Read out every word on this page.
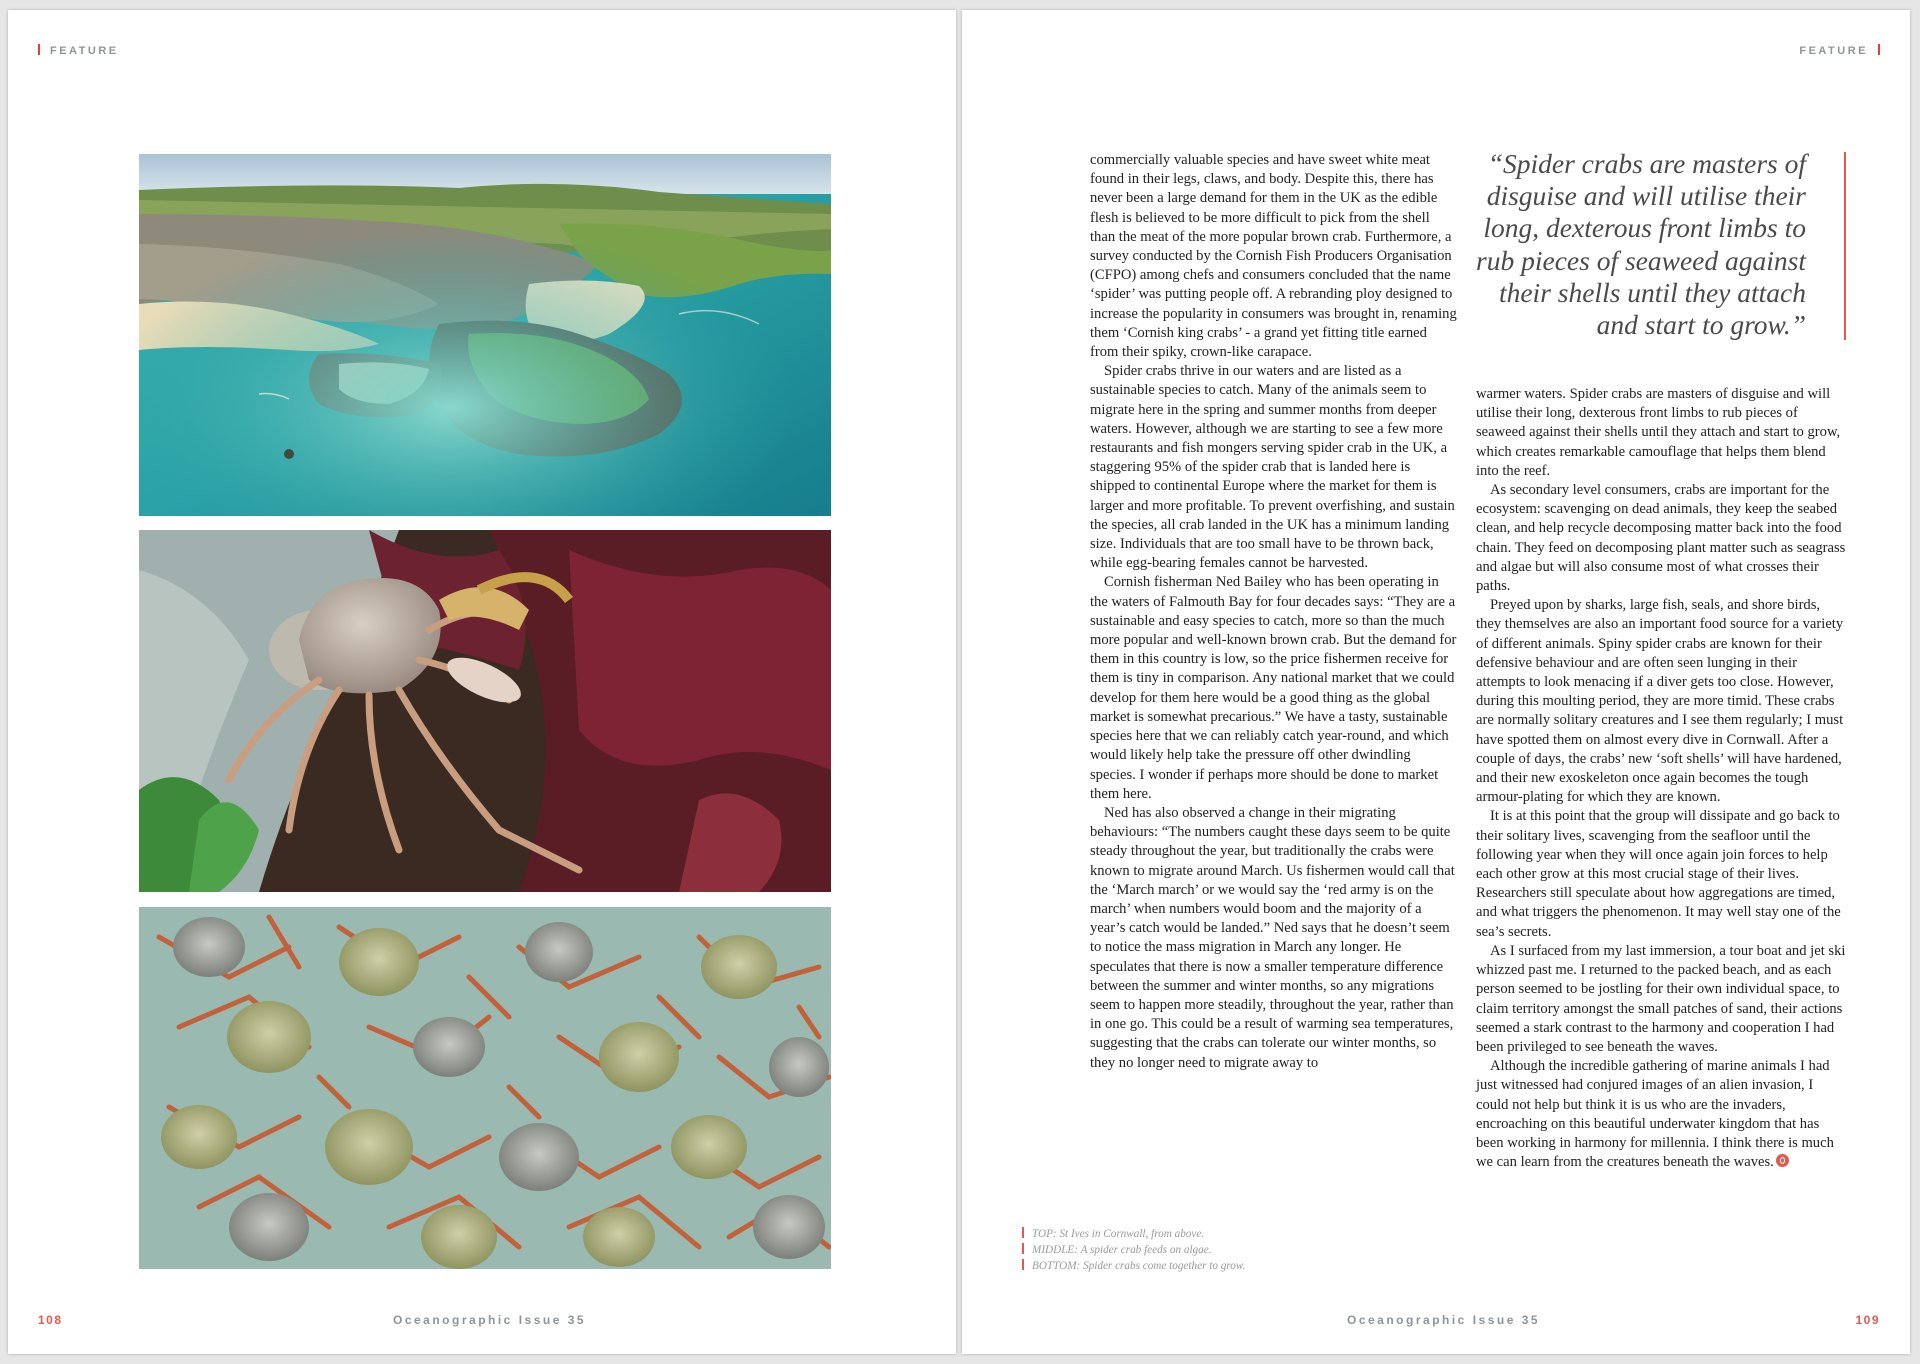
FEATURE
108	Oceanographic Issue 35
FEATURE

commercially valuable species and have sweet white meat found in their legs, claws, and body. Despite this, there has never been a large demand for them in the UK as the edible flesh is believed to be more difficult to pick from the shell than the meat of the more popular brown crab. Furthermore, a survey conducted by the Cornish Fish Producers Organisation (CFPO) among chefs and consumers concluded that the name ‘spider’ was putting people off. A rebranding ploy designed to increase the popularity in consumers was brought in, renaming them ‘Cornish king crabs’ - a grand yet fitting title earned from their spiky, crown-like carapace.

Spider crabs thrive in our waters and are listed as a sustainable species to catch. Many of the animals seem to migrate here in the spring and summer months from deeper waters. However, although we are starting to see a few more restaurants and fish mongers serving spider crab in the UK, a staggering 95% of the spider crab that is landed here is shipped to continental Europe where the market for them is larger and more profitable. To prevent overfishing, and sustain the species, all crab landed in the UK has a minimum landing size. Individuals that are too small have to be thrown back, while egg-bearing females cannot be harvested.

Cornish fisherman Ned Bailey who has been operating in the waters of Falmouth Bay for four decades says: “They are a sustainable and easy species to catch, more so than the much more popular and well-known brown crab. But the demand for them in this country is low, so the price fishermen receive for them is tiny in comparison. Any national market that we could develop for them here would be a good thing as the global market is somewhat precarious.” We have a tasty, sustainable species here that we can reliably catch year-round, and which would likely help take the pressure off other dwindling species. I wonder if perhaps more should be done to market them here.

Ned has also observed a change in their migrating behaviours: “The numbers caught these days seem to be quite steady throughout the year, but traditionally the crabs were known to migrate around March. Us fishermen would call that the ‘March march’ or we would say the ‘red army is on the march’ when numbers would boom and the majority of a year’s catch would be landed.” Ned says that he doesn’t seem to notice the mass migration in March any longer. He speculates that there is now a smaller temperature difference between the summer and winter months, so any migrations seem to happen more steadily, throughout the year, rather than in one go. This could be a result of warming sea temperatures, suggesting that the crabs can tolerate our winter months, so they no longer need to migrate away to

“Spider crabs are masters of disguise and will utilise their long, dexterous front limbs to rub pieces of seaweed against their shells until they attach and start to grow.”

warmer waters. Spider crabs are masters of disguise and will utilise their long, dexterous front limbs to rub pieces of seaweed against their shells until they attach and start to grow, which creates remarkable camouflage that helps them blend into the reef.

As secondary level consumers, crabs are important for the ecosystem: scavenging on dead animals, they keep the seabed clean, and help recycle decomposing matter back into the food chain. They feed on decomposing plant matter such as seagrass and algae but will also consume most of what crosses their paths.

Preyed upon by sharks, large fish, seals, and shore birds, they themselves are also an important food source for a variety of different animals. Spiny spider crabs are known for their defensive behaviour and are often seen lunging in their attempts to look menacing if a diver gets too close. However, during this moulting period, they are more timid. These crabs are normally solitary creatures and I see them regularly; I must have spotted them on almost every dive in Cornwall. After a couple of days, the crabs’ new ‘soft shells’ will have hardened, and their new exoskeleton once again becomes the tough armour-plating for which they are known.

It is at this point that the group will dissipate and go back to their solitary lives, scavenging from the seafloor until the following year when they will once again join forces to help each other grow at this most crucial stage of their lives. Researchers still speculate about how aggregations are timed, and what triggers the phenomenon. It may well stay one of the sea’s secrets.

As I surfaced from my last immersion, a tour boat and jet ski whizzed past me. I returned to the packed beach, and as each person seemed to be jostling for their own individual space, to claim territory amongst the small patches of sand, their actions seemed a stark contrast to the harmony and cooperation I had been privileged to see beneath the waves.

Although the incredible gathering of marine animals I had just witnessed had conjured images of an alien invasion, I could not help but think it is us who are the invaders, encroaching on this beautiful underwater kingdom that has been working in harmony for millennia. I think there is much we can learn from the creatures beneath the waves.

TOP: St Ives in Cornwall, from above.
MIDDLE: A spider crab feeds on algae.
BOTTOM: Spider crabs come together to grow.
Oceanographic Issue 35	109
